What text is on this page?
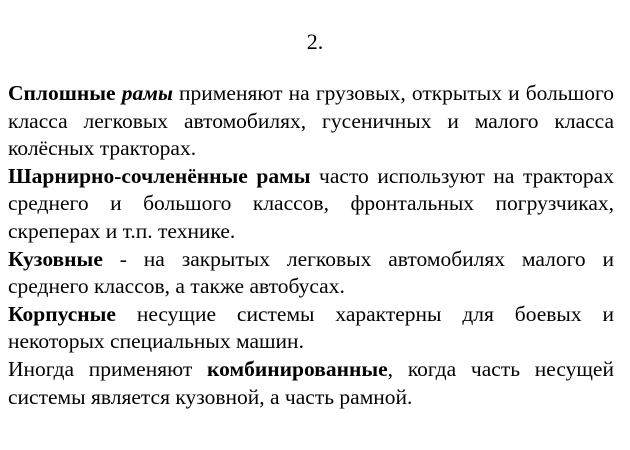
2.

Сплошные рамы применяют на грузовых, открытых и большого класса легковых автомобилях, гусеничных и малого класса колёсных тракторах.

Шарнирно-сочленённые рамы часто используют на тракторах среднего и большого классов, фронтальных погрузчиках, скреперах и т.п. технике.

Кузовные - на закрытых легковых автомобилях малого и среднего классов, а также автобусах.

Корпусные несущие системы характерны для боевых и некоторых специальных машин.

Иногда применяют комбинированные, когда часть несущей системы является кузовной, а часть рамной.
